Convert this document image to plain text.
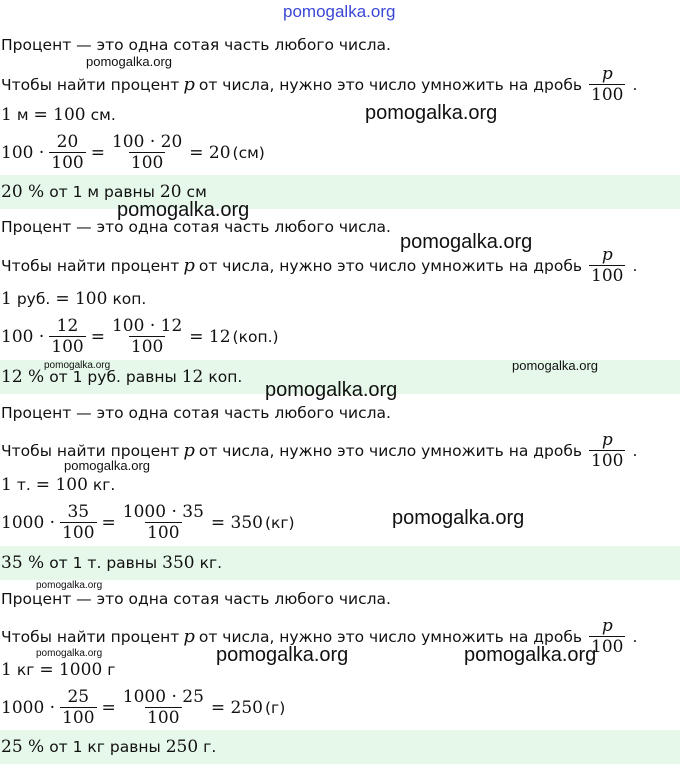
pomogalka.org
Процент — это одна сотая часть любого числа.
Чтобы найти процент p от числа, нужно это число умножить на дробь $\frac{p}{100}$ .
1 м = 100 см.
$100 \cdot \frac{20}{100} = \frac{100 \cdot 20}{100} = 20$ (см)
20 % от 1 м равны 20 см
Процент — это одна сотая часть любого числа.
Чтобы найти процент p от числа, нужно это число умножить на дробь $\frac{p}{100}$ .
1 руб. = 100 коп.
$100 \cdot \frac{12}{100} = \frac{100 \cdot 12}{100} = 12$ (коп.)
12 % от 1 руб. равны 12 коп.
Процент — это одна сотая часть любого числа.
Чтобы найти процент p от числа, нужно это число умножить на дробь $\frac{p}{100}$ .
1 т. = 100 кг.
$1000 \cdot \frac{35}{100} = \frac{1000 \cdot 35}{100} = 350$ (кг)
35 % от 1 т. равны 350 кг.
Процент — это одна сотая часть любого числа.
Чтобы найти процент p от числа, нужно это число умножить на дробь $\frac{p}{100}$ .
1 кг = 1000 г
$1000 \cdot \frac{25}{100} = \frac{1000 \cdot 25}{100} = 250$ (г)
25 % от 1 кг равны 250 г.
pomogalka.org
pomogalka.org
pomogalka.org
pomogalka.org
pomogalka.org	pomogalka.org
pomogalka.org
pomogalka.org
pomogalka.org
pomogalka.org
pomogalka.org	pomogalka.org	pomogalka.org
